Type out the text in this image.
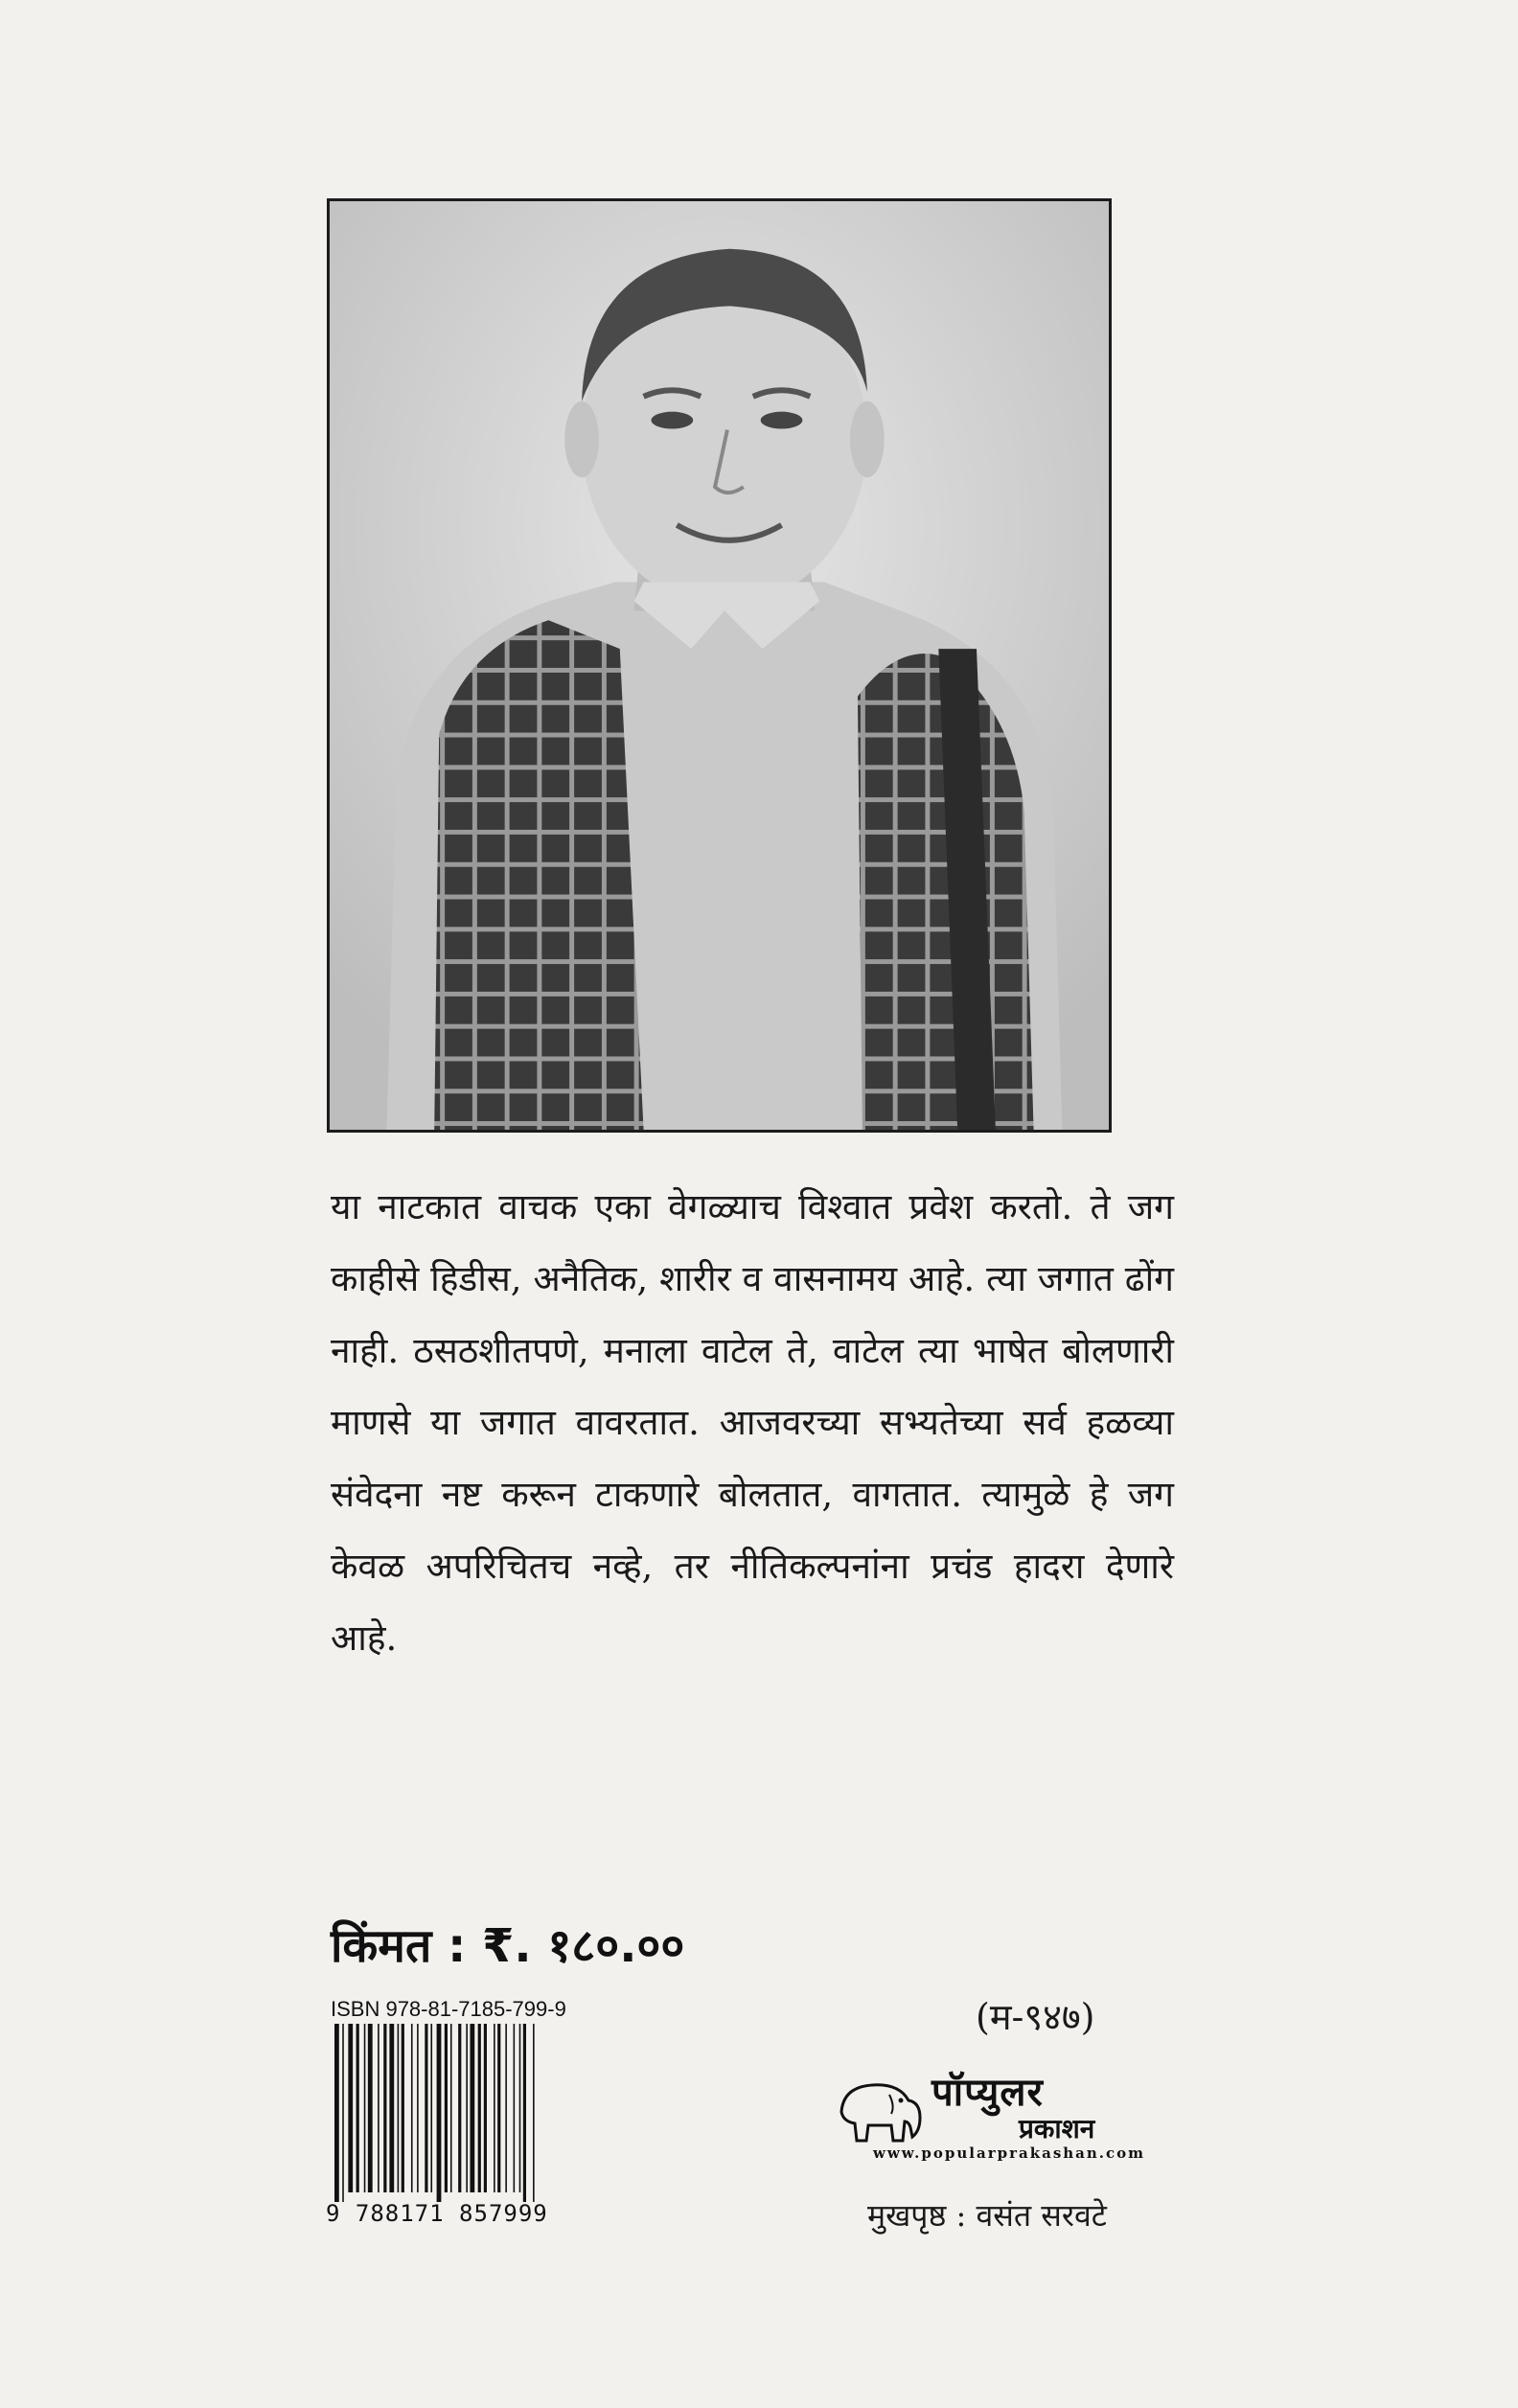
या नाटकात वाचक एका वेगळ्याच विश्वात प्रवेश करतो. ते जग काहीसे हिडीस, अनैतिक, शारीर व वासनामय आहे. त्या जगात ढोंग नाही. ठसठशीतपणे, मनाला वाटेल ते, वाटेल त्या भाषेत बोलणारी माणसे या जगात वावरतात. आजवरच्या सभ्यतेच्या सर्व हळव्या संवेदना नष्ट करून टाकणारे बोलतात, वागतात. त्यामुळे हे जग केवळ अपरिचितच नव्हे, तर नीतिकल्पनांना प्रचंड हादरा देणारे आहे.

किंमत : ₹. १८०.००
ISBN 978-81-7185-799-9
9 788171 857999
(म-९४७)
पॉप्युलर
प्रकाशन
www.popularprakashan.com
मुखपृष्ठ : वसंत सरवटे
